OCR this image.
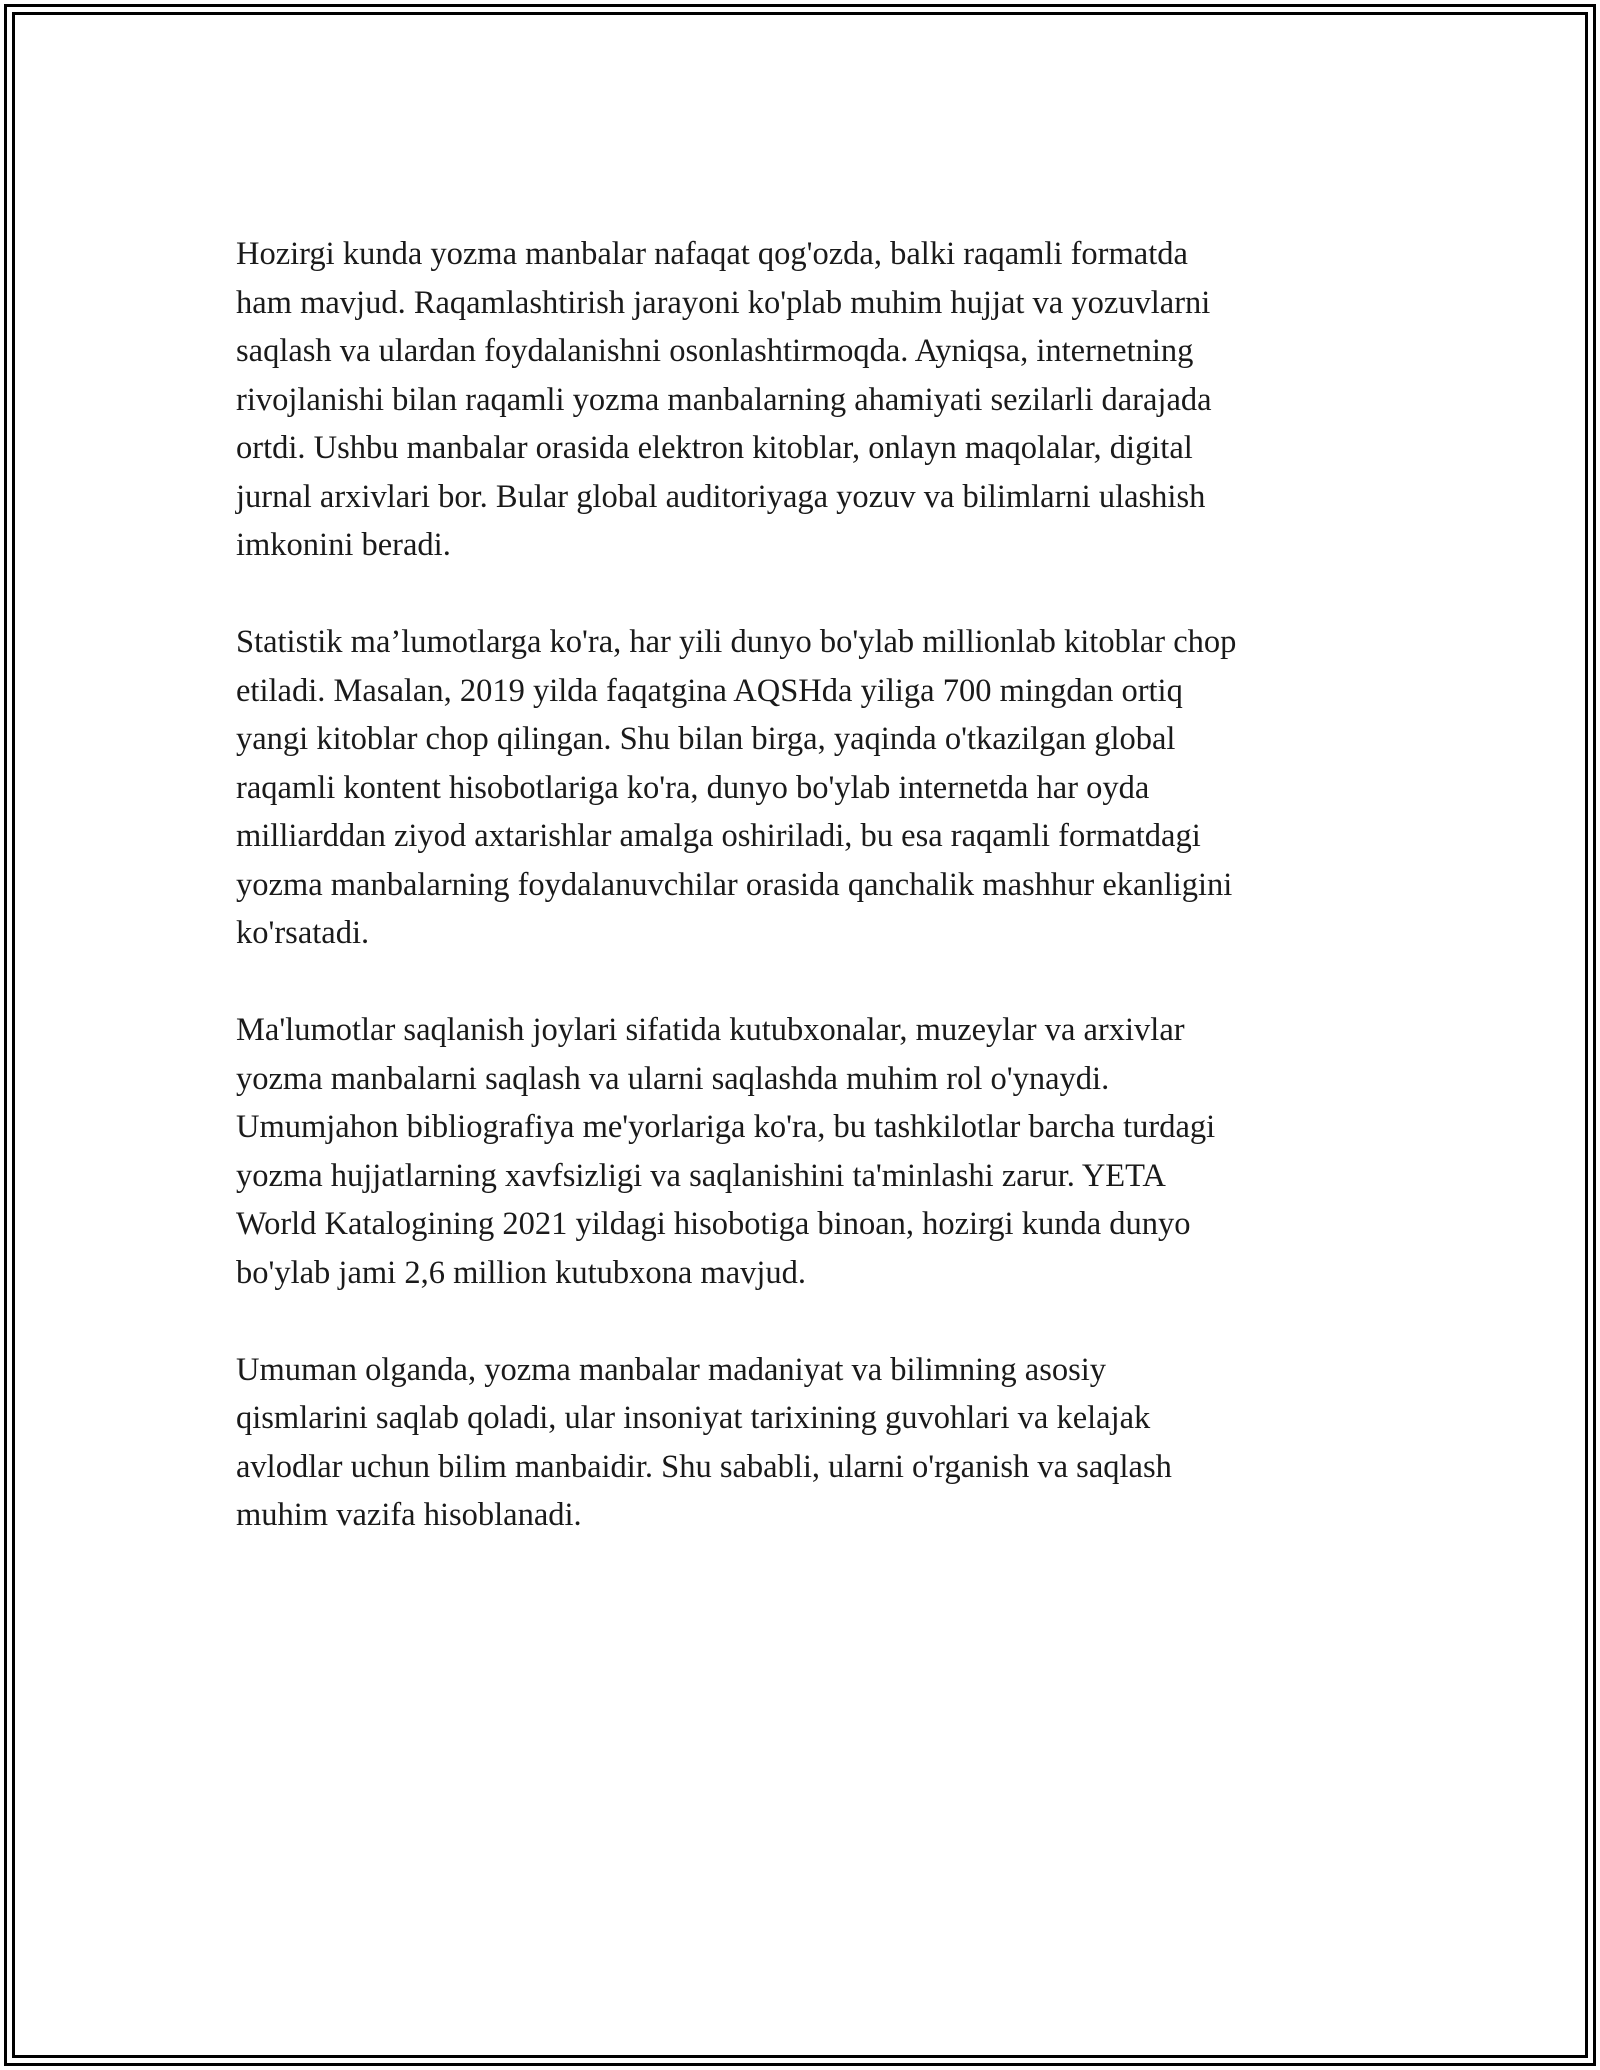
Hozirgi kunda yozma manbalar nafaqat qog'ozda, balki raqamli formatda
ham mavjud. Raqamlashtirish jarayoni ko'plab muhim hujjat va yozuvlarni
saqlash va ulardan foydalanishni osonlashtirmoqda. Ayniqsa, internetning
rivojlanishi bilan raqamli yozma manbalarning ahamiyati sezilarli darajada
ortdi. Ushbu manbalar orasida elektron kitoblar, onlayn maqolalar, digital
jurnal arxivlari bor. Bular global auditoriyaga yozuv va bilimlarni ulashish
imkonini beradi.

Statistik ma’lumotlarga ko'ra, har yili dunyo bo'ylab millionlab kitoblar chop
etiladi. Masalan, 2019 yilda faqatgina AQSHda yiliga 700 mingdan ortiq
yangi kitoblar chop qilingan. Shu bilan birga, yaqinda o'tkazilgan global
raqamli kontent hisobotlariga ko'ra, dunyo bo'ylab internetda har oyda
milliarddan ziyod axtarishlar amalga oshiriladi, bu esa raqamli formatdagi
yozma manbalarning foydalanuvchilar orasida qanchalik mashhur ekanligini
ko'rsatadi.

Ma'lumotlar saqlanish joylari sifatida kutubxonalar, muzeylar va arxivlar
yozma manbalarni saqlash va ularni saqlashda muhim rol o'ynaydi.
Umumjahon bibliografiya me'yorlariga ko'ra, bu tashkilotlar barcha turdagi
yozma hujjatlarning xavfsizligi va saqlanishini ta'minlashi zarur. YETA
World Katalogining 2021 yildagi hisobotiga binoan, hozirgi kunda dunyo
bo'ylab jami 2,6 million kutubxona mavjud.

Umuman olganda, yozma manbalar madaniyat va bilimning asosiy
qismlarini saqlab qoladi, ular insoniyat tarixining guvohlari va kelajak
avlodlar uchun bilim manbaidir. Shu sababli, ularni o'rganish va saqlash
muhim vazifa hisoblanadi.
